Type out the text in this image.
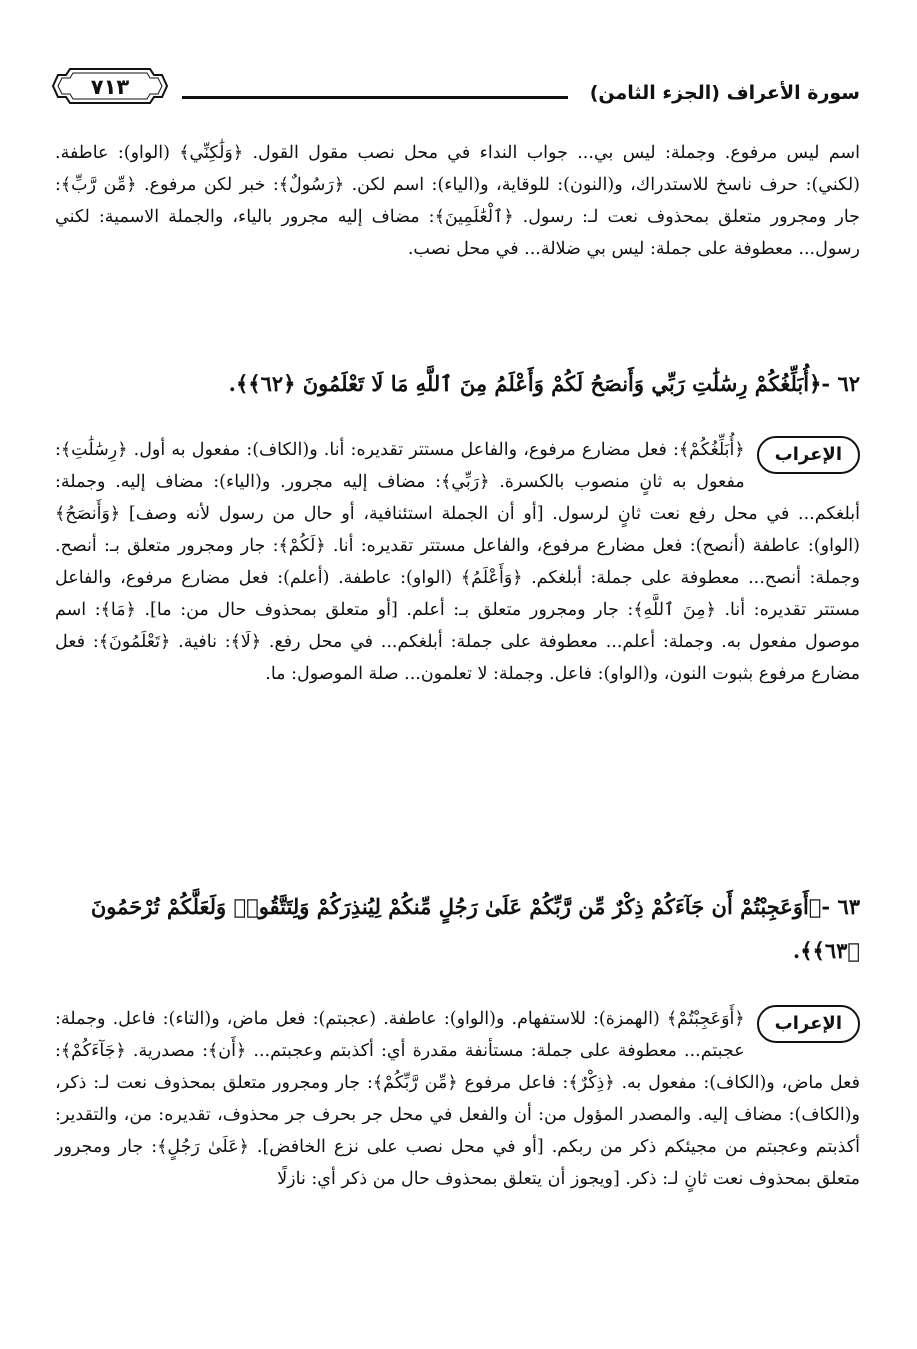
سورة الأعراف (الجزء الثامن)
٧١٣
اسم ليس مرفوع. وجملة: ليس بي... جواب النداء في محل نصب مقول القول. ﴿وَلَٰكِنِّي﴾ (الواو): عاطفة. (لكني): حرف ناسخ للاستدراك، و(النون): للوقاية، و(الياء): اسم لكن. ﴿رَسُولٌ﴾: خبر لكن مرفوع. ﴿مِّن رَّبِّ﴾: جار ومجرور متعلق بمحذوف نعت لـ: رسول. ﴿ٱلْعَٰلَمِينَ﴾: مضاف إليه مجرور بالياء، والجملة الاسمية: لكني رسول... معطوفة على جملة: ليس بي ضلالة... في محل نصب.
٦٢ -﴿أُبَلِّغُكُمْ رِسَٰلَٰتِ رَبِّي وَأَنصَحُ لَكُمْ وَأَعْلَمُ مِنَ ٱللَّهِ مَا لَا تَعْلَمُونَ ﴿٦٢﴾﴾.
الإعراب
﴿أُبَلِّغُكُمْ﴾: فعل مضارع مرفوع، والفاعل مستتر تقديره: أنا. و(الكاف): مفعول به أول. ﴿رِسَٰلَٰتِ﴾: مفعول به ثانٍ منصوب بالكسرة. ﴿رَبِّي﴾: مضاف إليه مجرور. و(الياء): مضاف إليه. وجملة: أبلغكم... في محل رفع نعت ثانٍ لرسول. [أو أن الجملة استئنافية، أو حال من رسول لأنه وصف] ﴿وَأَنصَحُ﴾ (الواو): عاطفة (أنصح): فعل مضارع مرفوع، والفاعل مستتر تقديره: أنا. ﴿لَكُمْ﴾: جار ومجرور متعلق بـ: أنصح. وجملة: أنصح... معطوفة على جملة: أبلغكم. ﴿وَأَعْلَمُ﴾ (الواو): عاطفة. (أعلم): فعل مضارع مرفوع، والفاعل مستتر تقديره: أنا. ﴿مِنَ ٱللَّهِ﴾: جار ومجرور متعلق بـ: أعلم. [أو متعلق بمحذوف حال من: ما]. ﴿مَا﴾: اسم موصول مفعول به. وجملة: أعلم... معطوفة على جملة: أبلغكم... في محل رفع. ﴿لَا﴾: نافية. ﴿تَعْلَمُونَ﴾: فعل مضارع مرفوع بثبوت النون، و(الواو): فاعل. وجملة: لا تعلمون... صلة الموصول: ما.
٦٣ -﴿أَوَعَجِبْتُمْ أَن جَآءَكُمْ ذِكْرٌ مِّن رَّبِّكُمْ عَلَىٰ رَجُلٍ مِّنكُمْ لِيُنذِرَكُمْ وَلِتَتَّقُوا۟ وَلَعَلَّكُمْ تُرْحَمُونَ ﴿٦٣﴾﴾.
الإعراب
﴿أَوَعَجِبْتُمْ﴾ (الهمزة): للاستفهام. و(الواو): عاطفة. (عجبتم): فعل ماض، و(التاء): فاعل. وجملة: عجبتم... معطوفة على جملة: مستأنفة مقدرة أي: أكذبتم وعجبتم... ﴿أَن﴾: مصدرية. ﴿جَآءَكُمْ﴾: فعل ماض، و(الكاف): مفعول به. ﴿ذِكْرٌ﴾: فاعل مرفوع ﴿مِّن رَّبِّكُمْ﴾: جار ومجرور متعلق بمحذوف نعت لـ: ذكر، و(الكاف): مضاف إليه. والمصدر المؤول من: أن والفعل في محل جر بحرف جر محذوف، تقديره: من، والتقدير: أكذبتم وعجبتم من مجيئكم ذكر من ربكم. [أو في محل نصب على نزع الخافض]. ﴿عَلَىٰ رَجُلٍ﴾: جار ومجرور متعلق بمحذوف نعت ثانٍ لـ: ذكر. [ويجوز أن يتعلق بمحذوف حال من ذكر أي: نازلًا
